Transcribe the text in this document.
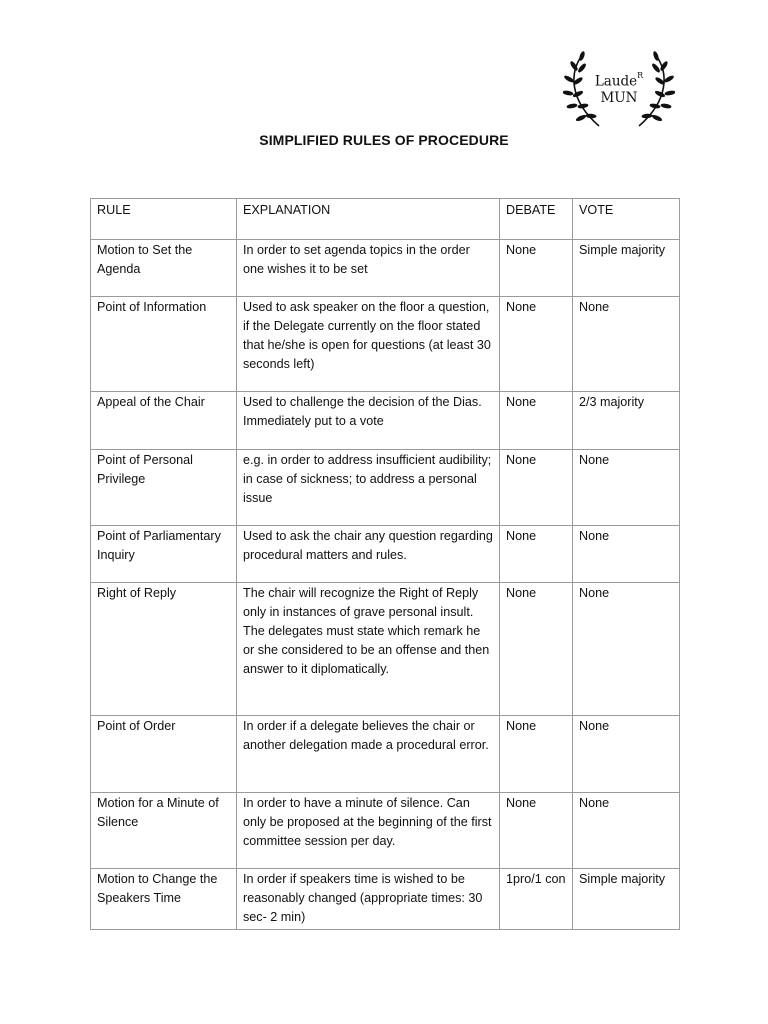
Laude$^R$
MUN
SIMPLIFIED RULES OF PROCEDURE
RULE	EXPLANATION	DEBATE	VOTE
Motion to Set the Agenda	In order to set agenda topics in the order one wishes it to be set	None	Simple majority
Point of Information	Used to ask speaker on the floor a question, if the Delegate currently on the floor stated that he/she is open for questions (at least 30 seconds left)	None	None
Appeal of the Chair	Used to challenge the decision of the Dias. Immediately put to a vote	None	2/3 majority
Point of Personal Privilege	e.g. in order to address insufficient audibility; in case of sickness; to address a personal issue	None	None
Point of Parliamentary Inquiry	Used to ask the chair any question regarding procedural matters and rules.	None	None
Right of Reply	The chair will recognize the Right of Reply only in instances of grave personal insult. The delegates must state which remark he or she considered to be an offense and then answer to it diplomatically.	None	None
Point of Order	In order if a delegate believes the chair or another delegation made a procedural error.	None	None
Motion for a Minute of Silence	In order to have a minute of silence. Can only be proposed at the beginning of the first committee session per day.	None	None
Motion to Change the Speakers Time	In order if speakers time is wished to be reasonably changed (appropriate times: 30 sec- 2 min)	1pro/1 con	Simple majority
